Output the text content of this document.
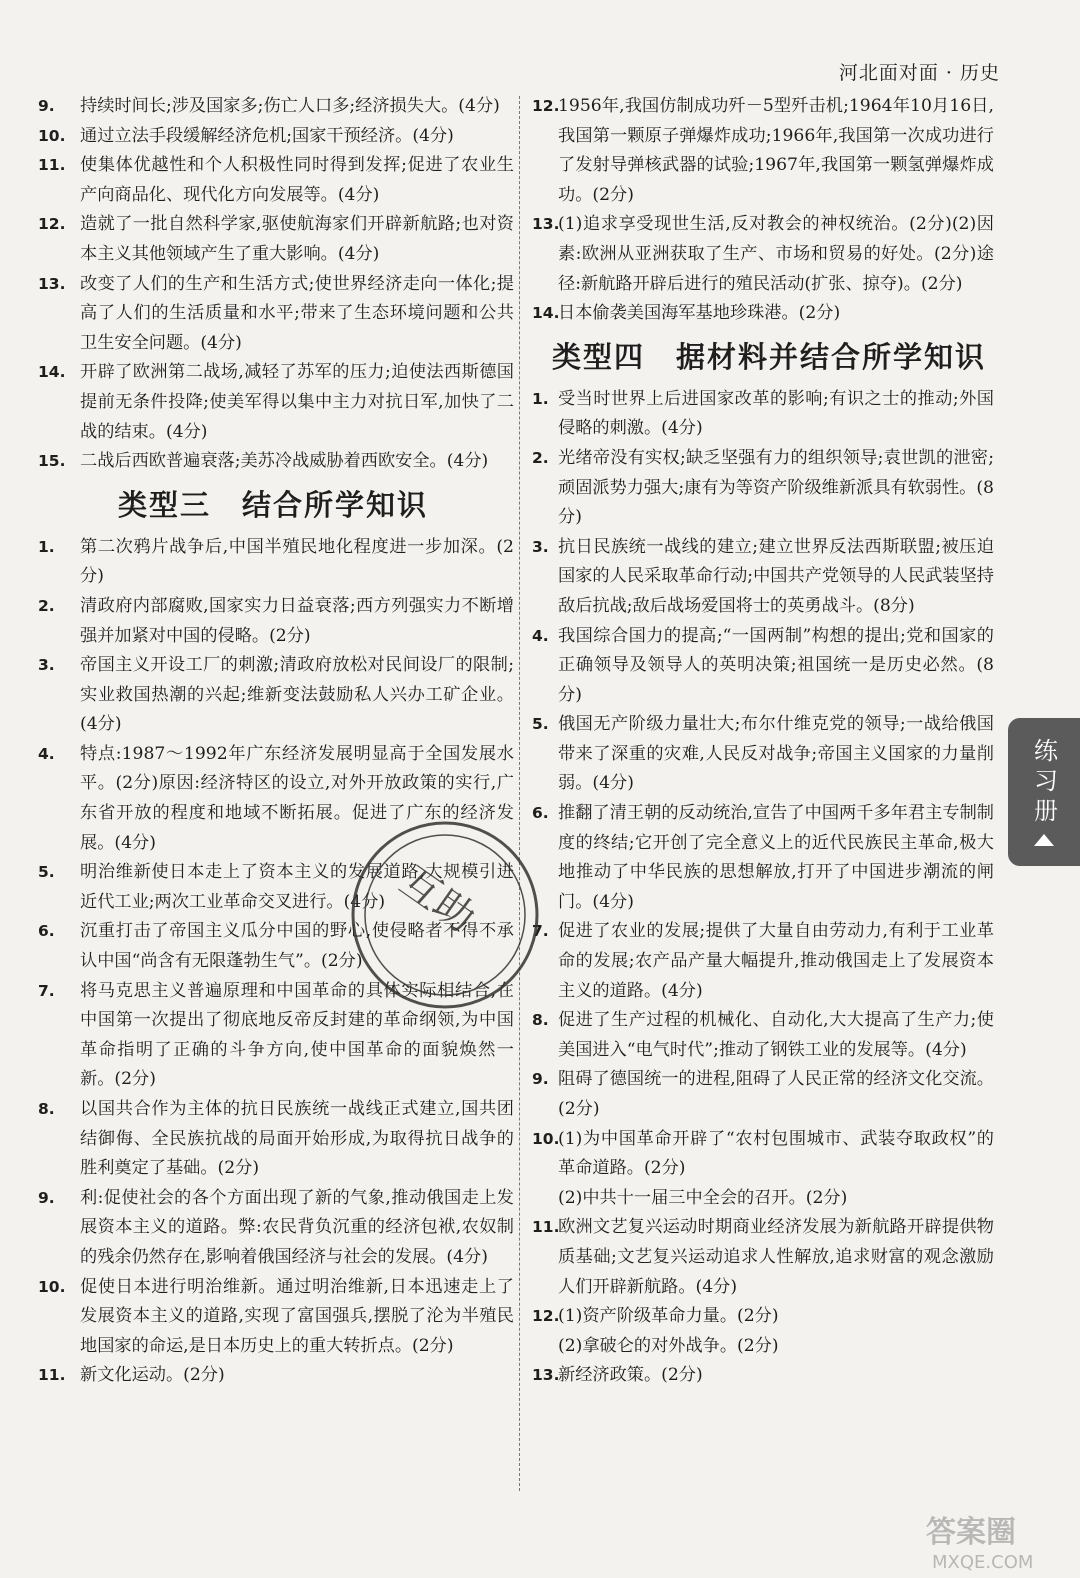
河北面对面 · 历史
9.	持续时间长;涉及国家多;伤亡人口多;经济损失大。(4分)
10. 通过立法手段缓解经济危机;国家干预经济。(4分)
11. 使集体优越性和个人积极性同时得到发挥;促进了农业生产向商品化、现代化方向发展等。(4分)
12. 造就了一批自然科学家,驱使航海家们开辟新航路;也对资本主义其他领域产生了重大影响。(4分)
13. 改变了人们的生产和生活方式;使世界经济走向一体化;提高了人们的生活质量和水平;带来了生态环境问题和公共卫生安全问题。(4分)
14. 开辟了欧洲第二战场,减轻了苏军的压力;迫使法西斯德国提前无条件投降;使美军得以集中主力对抗日军,加快了二战的结束。(4分)
15. 二战后西欧普遍衰落;美苏冷战威胁着西欧安全。(4分)
类型三　结合所学知识
1.	第二次鸦片战争后,中国半殖民地化程度进一步加深。(2分)
2.	清政府内部腐败,国家实力日益衰落;西方列强实力不断增强并加紧对中国的侵略。(2分)
3.	帝国主义开设工厂的刺激;清政府放松对民间设厂的限制;实业救国热潮的兴起;维新变法鼓励私人兴办工矿企业。(4分)
4.	特点:1987～1992年广东经济发展明显高于全国发展水平。(2分)原因:经济特区的设立,对外开放政策的实行,广东省开放的程度和地域不断拓展。促进了广东的经济发展。(4分)
5.	明治维新使日本走上了资本主义的发展道路,大规模引进近代工业;两次工业革命交叉进行。(4分)
6.	沉重打击了帝国主义瓜分中国的野心,使侵略者不得不承认中国“尚含有无限蓬勃生气”。(2分)
7.	将马克思主义普遍原理和中国革命的具体实际相结合,在中国第一次提出了彻底地反帝反封建的革命纲领,为中国革命指明了正确的斗争方向,使中国革命的面貌焕然一新。(2分)
8.	以国共合作为主体的抗日民族统一战线正式建立,国共团结御侮、全民族抗战的局面开始形成,为取得抗日战争的胜利奠定了基础。(2分)
9.	利:促使社会的各个方面出现了新的气象,推动俄国走上发展资本主义的道路。弊:农民背负沉重的经济包袱,农奴制的残余仍然存在,影响着俄国经济与社会的发展。(4分)
10. 促使日本进行明治维新。通过明治维新,日本迅速走上了发展资本主义的道路,实现了富国强兵,摆脱了沦为半殖民地国家的命运,是日本历史上的重大转折点。(2分)
11. 新文化运动。(2分)
12.
1956年,我国仿制成功歼－5型歼击机;1964年10月16日,我国第一颗原子弹爆炸成功;1966年,我国第一次成功进行了发射导弹核武器的试验;1967年,我国第一颗氢弹爆炸成功。(2分)
13.
(1)追求享受现世生活,反对教会的神权统治。(2分)(2)因素:欧洲从亚洲获取了生产、市场和贸易的好处。(2分)途径:新航路开辟后进行的殖民活动(扩张、掠夺)。(2分)
14.
日本偷袭美国海军基地珍珠港。(2分)
类型四　据材料并结合所学知识
1. 受当时世界上后进国家改革的影响;有识之士的推动;外国侵略的刺激。(4分)
2. 光绪帝没有实权;缺乏坚强有力的组织领导;袁世凯的泄密;顽固派势力强大;康有为等资产阶级维新派具有软弱性。(8分)
3. 抗日民族统一战线的建立;建立世界反法西斯联盟;被压迫国家的人民采取革命行动;中国共产党领导的人民武装坚持敌后抗战;敌后战场爱国将士的英勇战斗。(8分)
4. 我国综合国力的提高;“一国两制”构想的提出;党和国家的正确领导及领导人的英明决策;祖国统一是历史必然。(8分)
5. 俄国无产阶级力量壮大;布尔什维克党的领导;一战给俄国带来了深重的灾难,人民反对战争;帝国主义国家的力量削弱。(4分)
6. 推翻了清王朝的反动统治,宣告了中国两千多年君主专制制度的终结;它开创了完全意义上的近代民族民主革命,极大地推动了中华民族的思想解放,打开了中国进步潮流的闸门。(4分)
7. 促进了农业的发展;提供了大量自由劳动力,有利于工业革命的发展;农产品产量大幅提升,推动俄国走上了发展资本主义的道路。(4分)
8. 促进了生产过程的机械化、自动化,大大提高了生产力;使美国进入“电气时代”;推动了钢铁工业的发展等。(4分)
9. 阻碍了德国统一的进程,阻碍了人民正常的经济文化交流。(2分)
10.
(1)为中国革命开辟了“农村包围城市、武装夺取政权”的革命道路。(2分)
(2)中共十一届三中全会的召开。(2分)
11.
欧洲文艺复兴运动时期商业经济发展为新航路开辟提供物质基础;文艺复兴运动追求人性解放,追求财富的观念激励人们开辟新航路。(4分)
12.
(1)资产阶级革命力量。(2分)
(2)拿破仑的对外战争。(2分)
13.
新经济政策。(2分)
练习册
互助
答案圈
MXQE.COM
